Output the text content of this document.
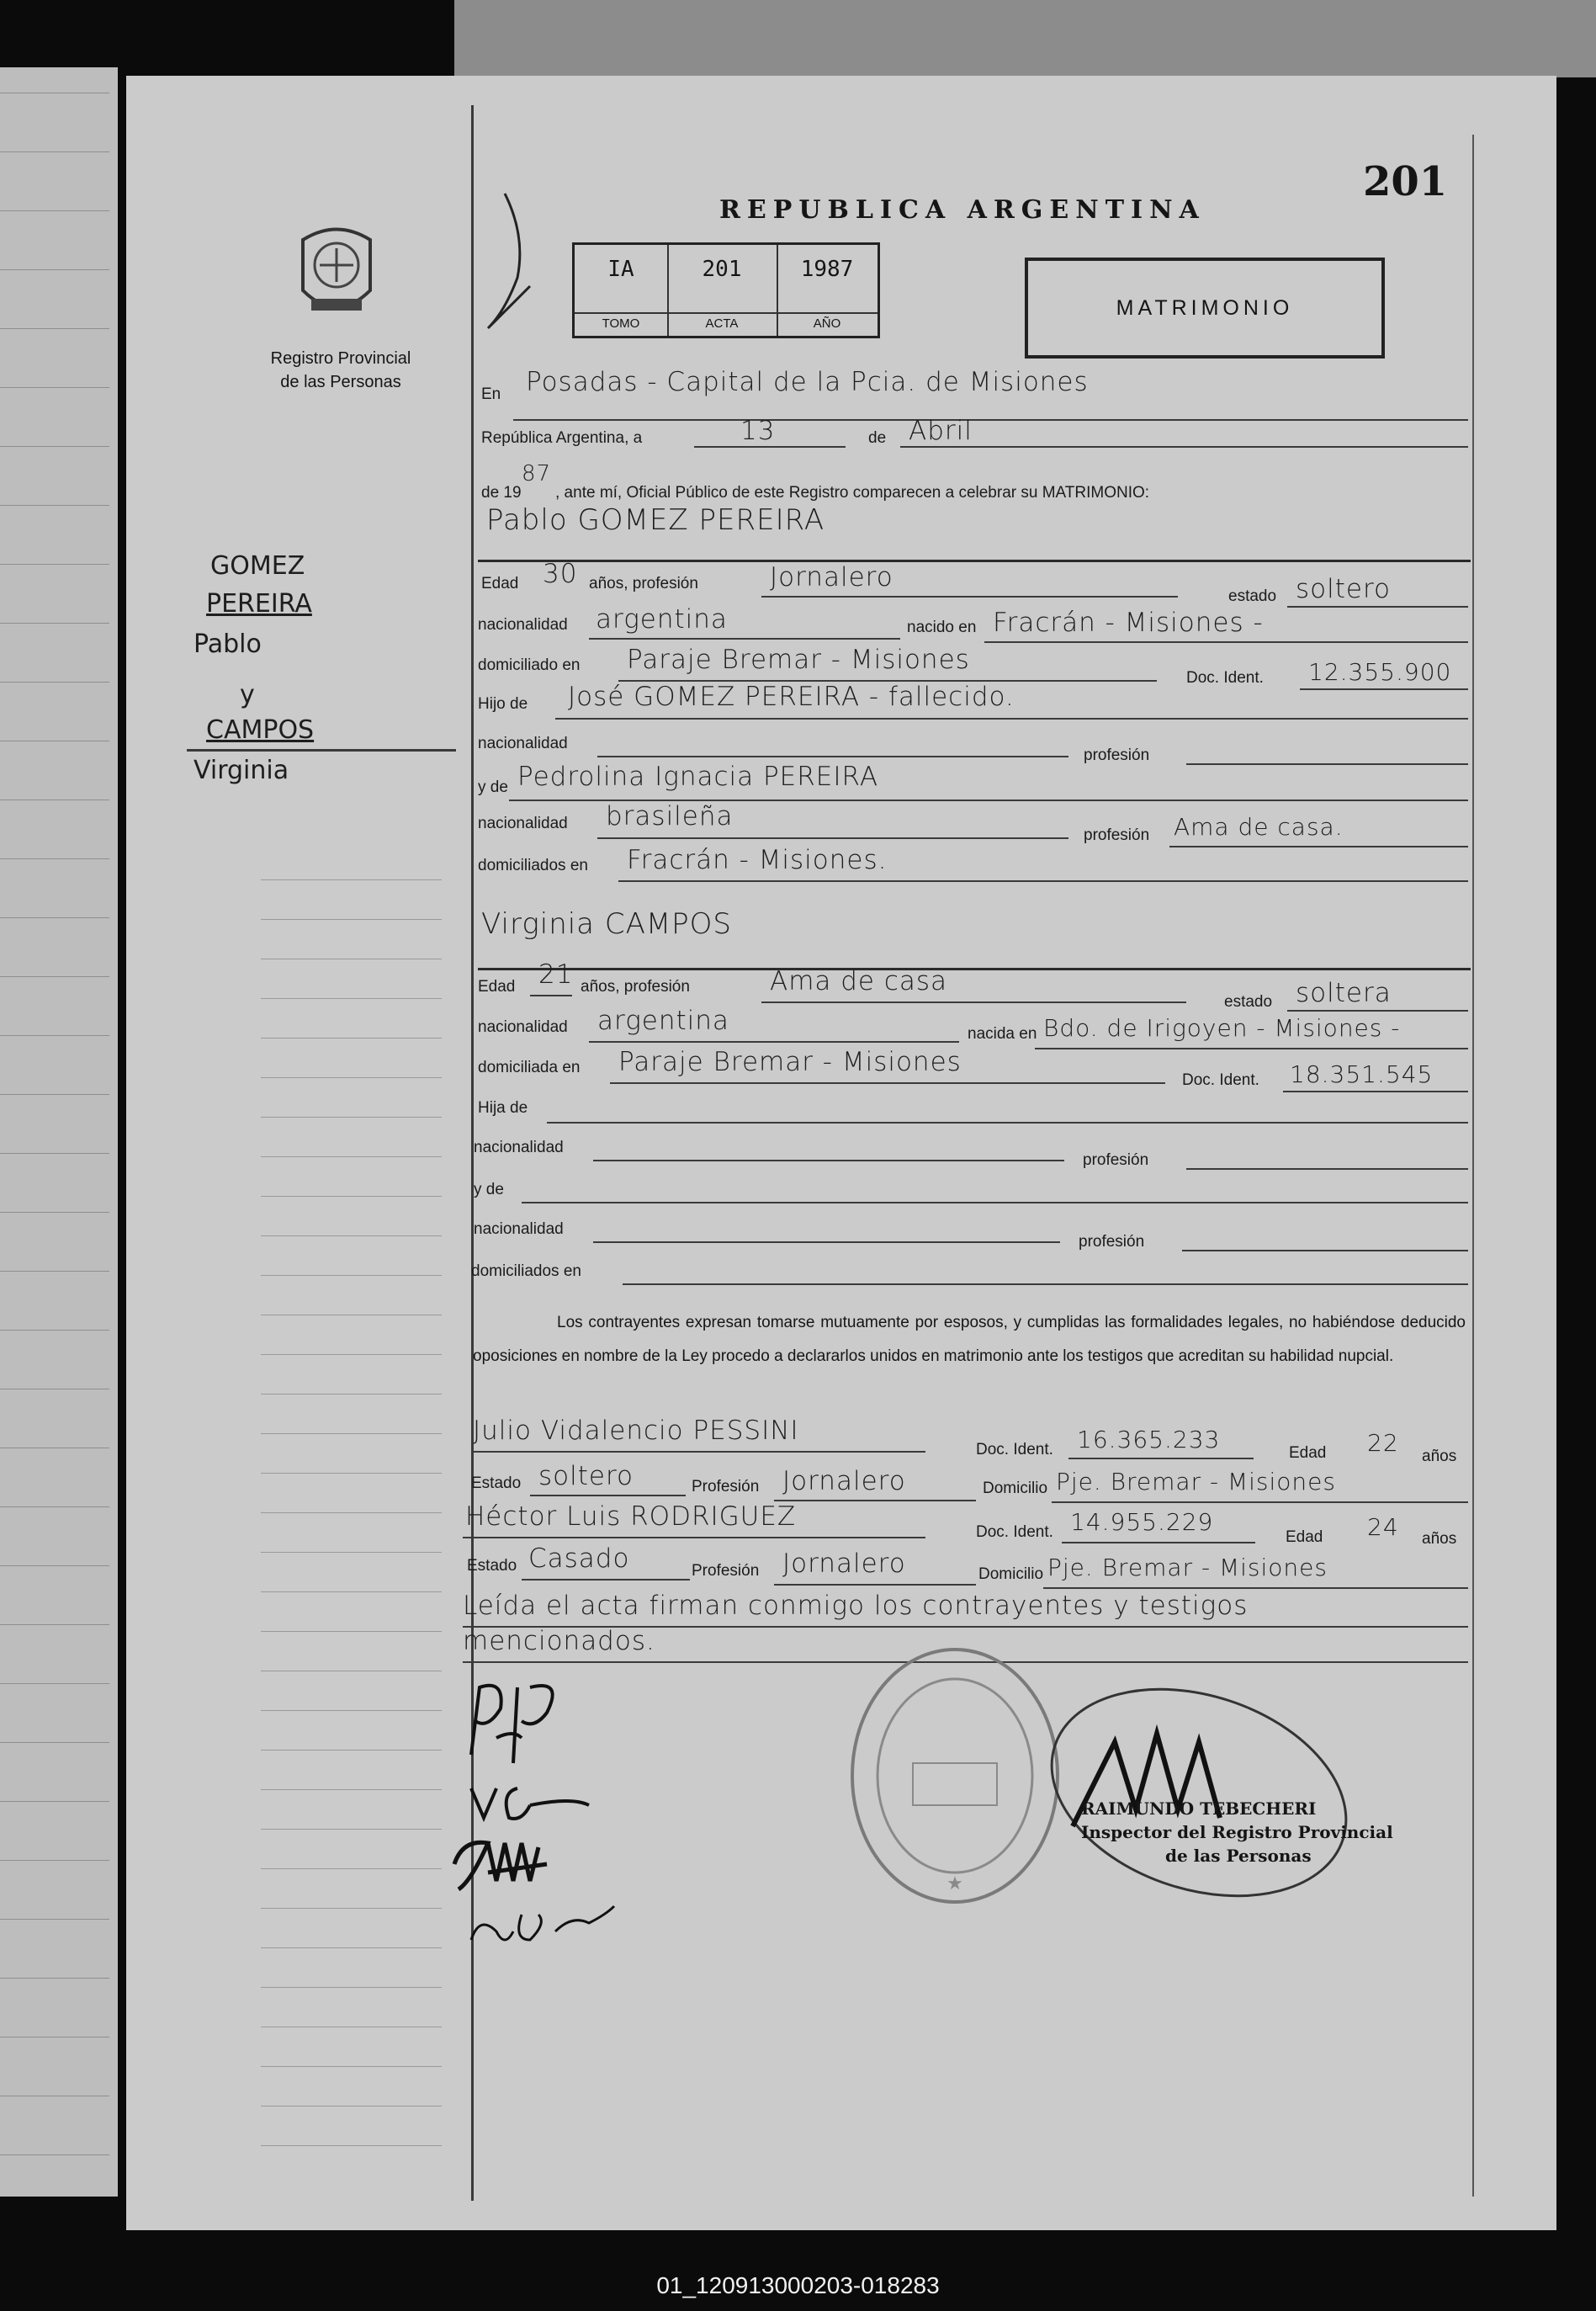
201
REPUBLICA ARGENTINA
IA
TOMO
201
ACTA
1987
AÑO
MATRIMONIO
Registro Provincial
de las Personas
En Posadas - Capital de la Pcia. de Misiones
República Argentina, a	13	de Abril
de 19
87
, ante mí, Oficial Público de este Registro comparecen a celebrar su MATRIMONIO:
Pablo GOMEZ PEREIRA
Edad 30 años, profesión	Jornalero
estado soltero
nacionalidad argentina	nacido en Fracrán - Misiones -
domiciliado en Paraje Bremar - Misiones
Doc. Ident. 12.355.900
Hijo de José GOMEZ PEREIRA - fallecido.
nacionalidad
profesión
y de Pedrolina Ignacia PEREIRA
nacionalidad brasileña
profesión Ama de casa.
domiciliados en Fracrán - Misiones.
Virginia CAMPOS
Edad 21 años, profesión	Ama de casa
estado soltera
nacionalidad argentina	nacida en Bdo. de Irigoyen - Misiones -
domiciliada en Paraje Bremar - Misiones
Doc. Ident. 18.351.545
Hija de
nacionalidad
profesión
y de
nacionalidad
profesión
domiciliados en
Los contrayentes expresan tomarse mutuamente por esposos, y cumplidas las formalidades legales, no habiéndose deducido oposiciones en nombre de la Ley procedo a declararlos unidos en matrimonio ante los testigos que acreditan su habilidad nupcial.
Julio Vidalencio PESSINI
Doc. Ident. 16.365.233	Edad 22 años
Estado soltero	Profesión Jornalero	Domicilio Pje. Bremar - Misiones
Héctor Luis RODRIGUEZ
Doc. Ident. 14.955.229
Edad 24 años
Estado Casado	Profesión Jornalero	Domicilio Pje. Bremar - Misiones
Leída el acta firman conmigo los contrayentes y testigos
mencionados.
GOMEZ
PEREIRA
Pablo
y
CAMPOS
Virginia
★
RAIMUNDO TEBECHERI
Inspector del Registro Provincial
de las Personas
01_120913000203-018283
